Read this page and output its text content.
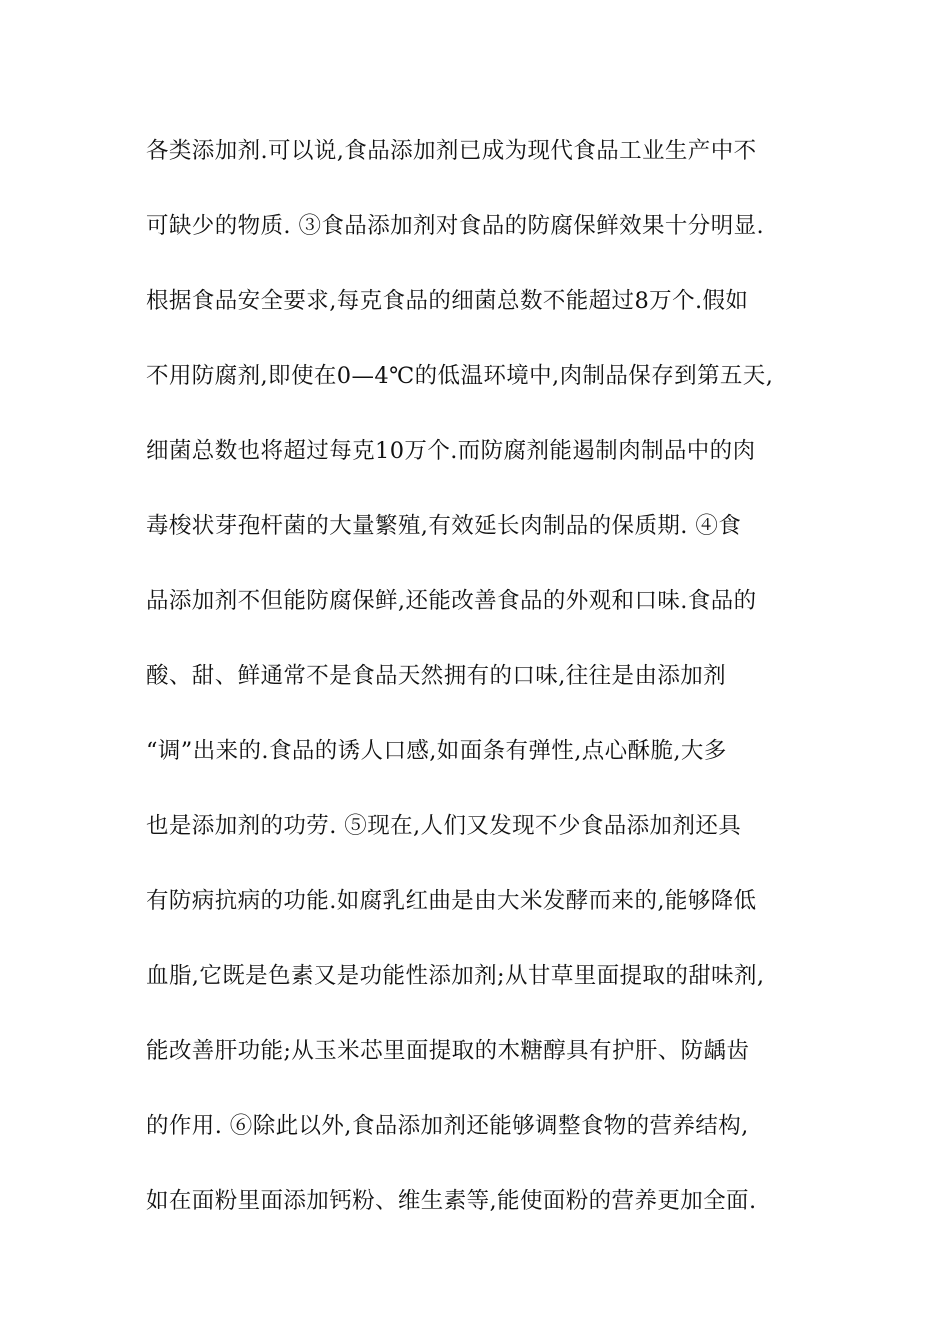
各类添加剂.可以说,食品添加剂已成为现代食品工业生产中不
可缺少的物质. ③食品添加剂对食品的防腐保鲜效果十分明显.
根据食品安全要求,每克食品的细菌总数不能超过8万个.假如
不用防腐剂,即使在0—4℃的低温环境中,肉制品保存到第五天,
细菌总数也将超过每克10万个.而防腐剂能遏制肉制品中的肉
毒梭状芽孢杆菌的大量繁殖,有效延长肉制品的保质期. ④食
品添加剂不但能防腐保鲜,还能改善食品的外观和口味.食品的
酸、甜、鲜通常不是食品天然拥有的口味,往往是由添加剂
“调”出来的.食品的诱人口感,如面条有弹性,点心酥脆,大多
也是添加剂的功劳. ⑤现在,人们又发现不少食品添加剂还具
有防病抗病的功能.如腐乳红曲是由大米发酵而来的,能够降低
血脂,它既是色素又是功能性添加剂;从甘草里面提取的甜味剂,
能改善肝功能;从玉米芯里面提取的木糖醇具有护肝、防龋齿
的作用. ⑥除此以外,食品添加剂还能够调整食物的营养结构,
如在面粉里面添加钙粉、维生素等,能使面粉的营养更加全面.
